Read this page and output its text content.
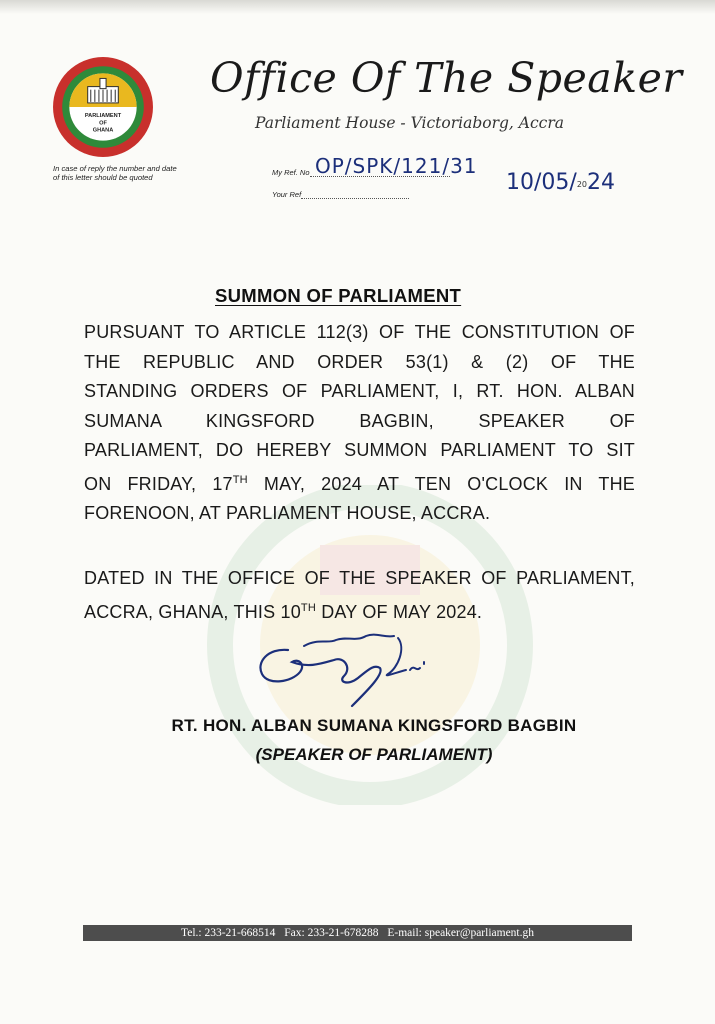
PARLIAMENT
OF
GHANA
In case of reply the number and date of this letter should be quoted
Office Of The Speaker
Parliament House - Victoriaborg, Accra
My Ref. No OP/SPK/121/31
Your Ref	10/05/2024
SUMMON OF PARLIAMENT
PURSUANT TO ARTICLE 112(3) OF THE CONSTITUTION OF
THE REPUBLIC AND ORDER 53(1) & (2) OF THE
STANDING ORDERS OF PARLIAMENT, I, RT. HON. ALBAN
SUMANA KINGSFORD BAGBIN, SPEAKER OF
PARLIAMENT, DO HEREBY SUMMON PARLIAMENT TO SIT
ON FRIDAY, 17TH MAY, 2024 AT TEN O'CLOCK IN THE
FORENOON, AT PARLIAMENT HOUSE, ACCRA.
DATED IN THE OFFICE OF THE SPEAKER OF PARLIAMENT,
ACCRA, GHANA, THIS 10TH DAY OF MAY 2024.
RT. HON. ALBAN SUMANA KINGSFORD BAGBIN
(SPEAKER OF PARLIAMENT)
Tel.: 233-21-668514 Fax: 233-21-678288 E-mail: speaker@parliament.gh
